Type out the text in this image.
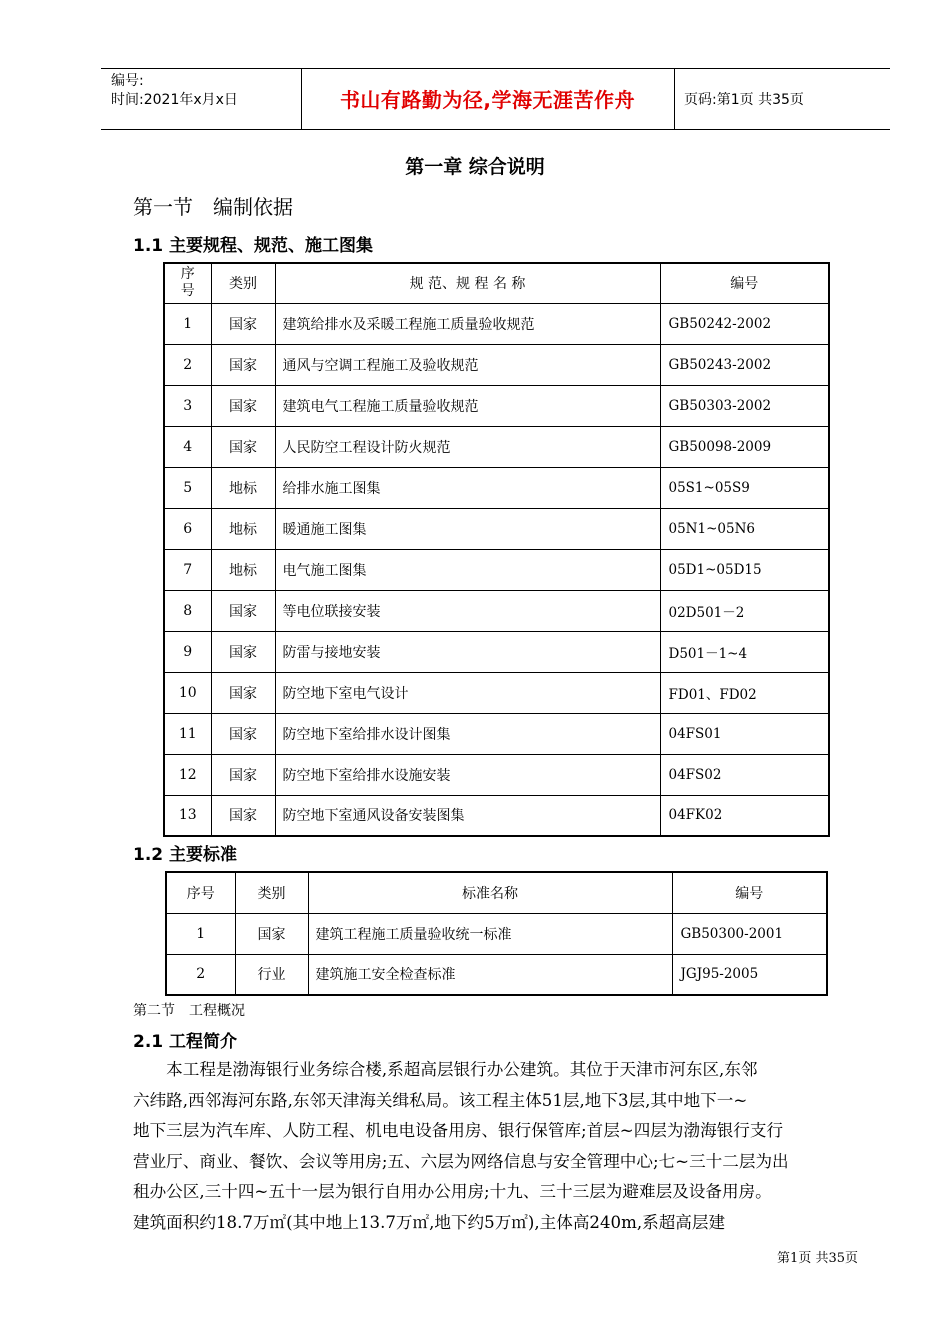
编号:
时间:2021年x月x日	书山有路勤为径,学海无涯苦作舟	页码:第1页 共35页
第一章 综合说明
第一节　编制依据
1.1 主要规程、规范、施工图集
序号	类别	规 范、规 程 名 称	编号
1	国家	建筑给排水及采暖工程施工质量验收规范	GB50242-2002
2	国家	通风与空调工程施工及验收规范	GB50243-2002
3	国家	建筑电气工程施工质量验收规范	GB50303-2002
4	国家	人民防空工程设计防火规范	GB50098-2009
5	地标	给排水施工图集	05S1~05S9
6	地标	暖通施工图集	05N1~05N6
7	地标	电气施工图集	05D1~05D15
8	国家	等电位联接安装	02D501－2
9	国家	防雷与接地安装	D501－1~4
10	国家	防空地下室电气设计	FD01、FD02
11	国家	防空地下室给排水设计图集	04FS01
12	国家	防空地下室给排水设施安装	04FS02
13	国家	防空地下室通风设备安装图集	04FK02
1.2 主要标准
序号	类别	标准名称	编号
1	国家	建筑工程施工质量验收统一标准	GB50300-2001
2	行业	建筑施工安全检查标准	JGJ95-2005
第二节　工程概况
2.1 工程简介

　　本工程是渤海银行业务综合楼,系超高层银行办公建筑。其位于天津市河东区,东邻

六纬路,西邻海河东路,东邻天津海关缉私局。该工程主体51层,地下3层,其中地下一~

地下三层为汽车库、人防工程、机电电设备用房、银行保管库;首层~四层为渤海银行支行

营业厅、商业、餐饮、会议等用房;五、六层为网络信息与安全管理中心;七~三十二层为出

租办公区,三十四~五十一层为银行自用办公用房;十九、三十三层为避难层及设备用房。

建筑面积约18.7万㎡(其中地上13.7万㎡,地下约5万㎡),主体高240m,系超高层建

第1页 共35页
